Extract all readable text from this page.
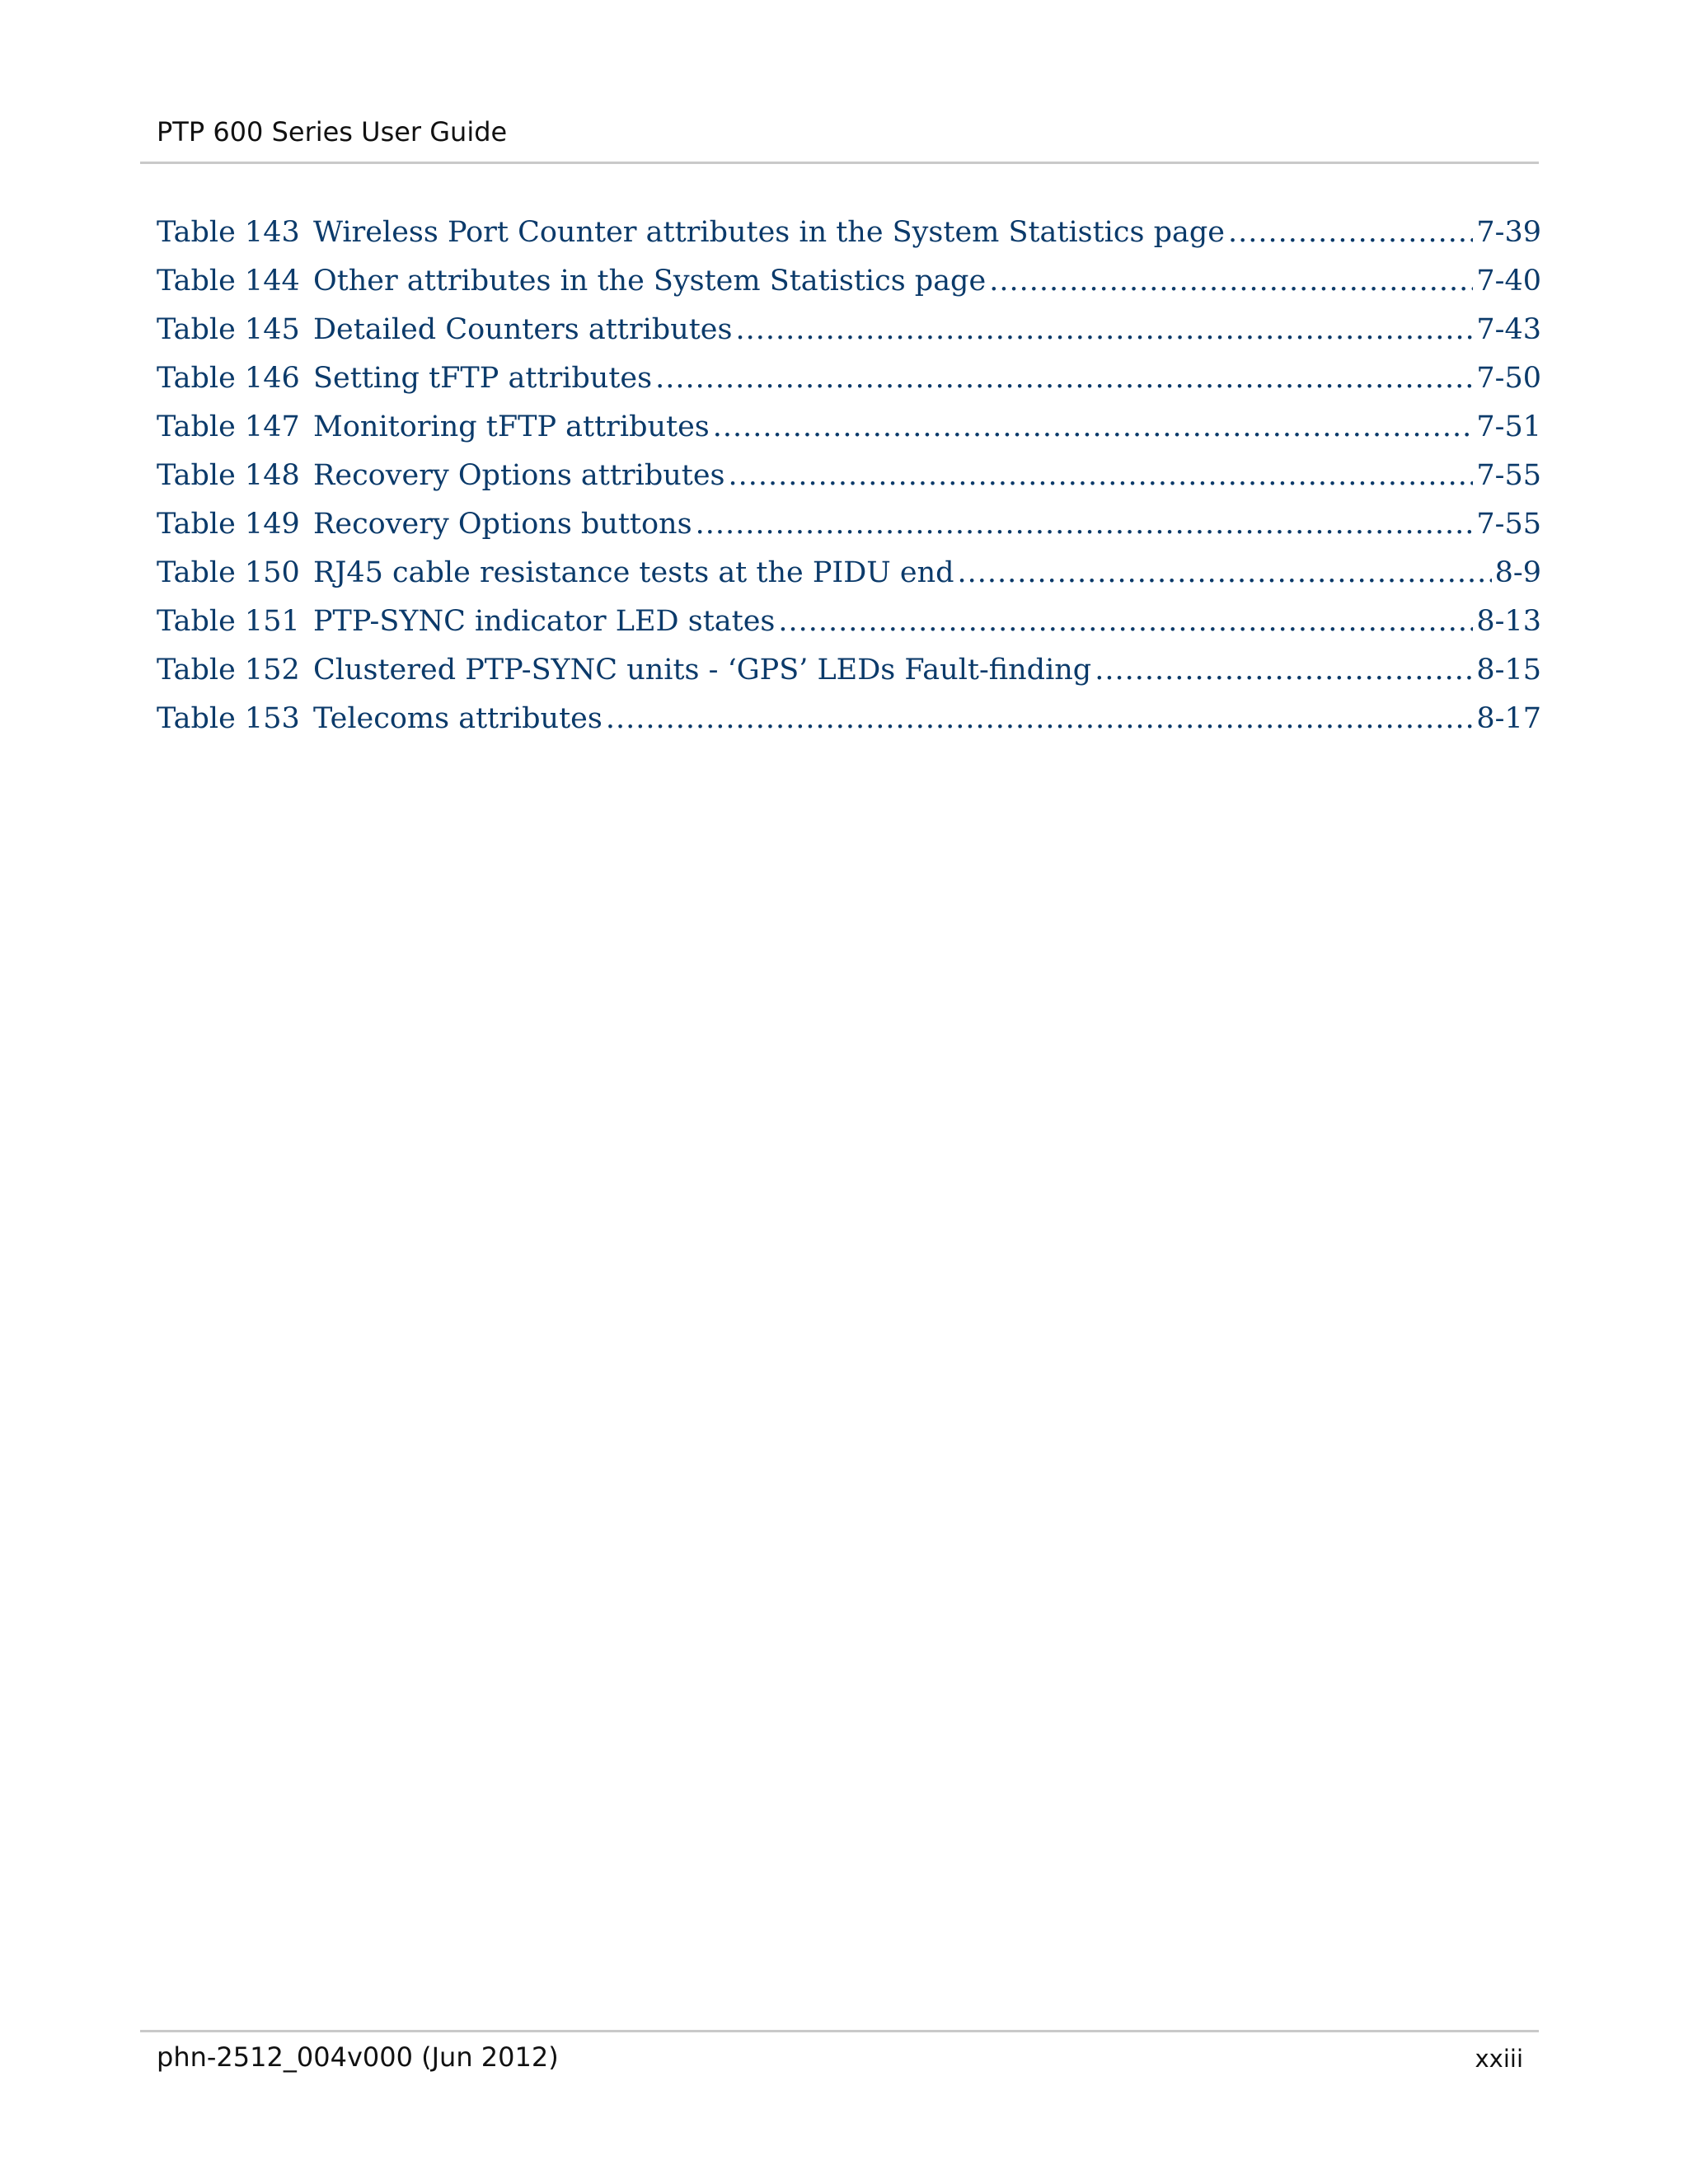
PTP 600 Series User Guide
Table 143 Wireless Port Counter attributes in the System Statistics page .....	7-39
Table 144 Other attributes in the System Statistics page .....	7-40
Table 145 Detailed Counters attributes .....	7-43
Table 146 Setting tFTP attributes .....	7-50
Table 147 Monitoring tFTP attributes .....	7-51
Table 148 Recovery Options attributes .....	7-55
Table 149 Recovery Options buttons .....	7-55
Table 150 RJ45 cable resistance tests at the PIDU end .....	8-9
Table 151 PTP-SYNC indicator LED states .....	8-13
Table 152 Clustered PTP-SYNC units - ‘GPS’ LEDs Fault-finding .....	8-15
Table 153 Telecoms attributes .....	8-17
phn-2512_004v000 (Jun 2012)	xxiii
